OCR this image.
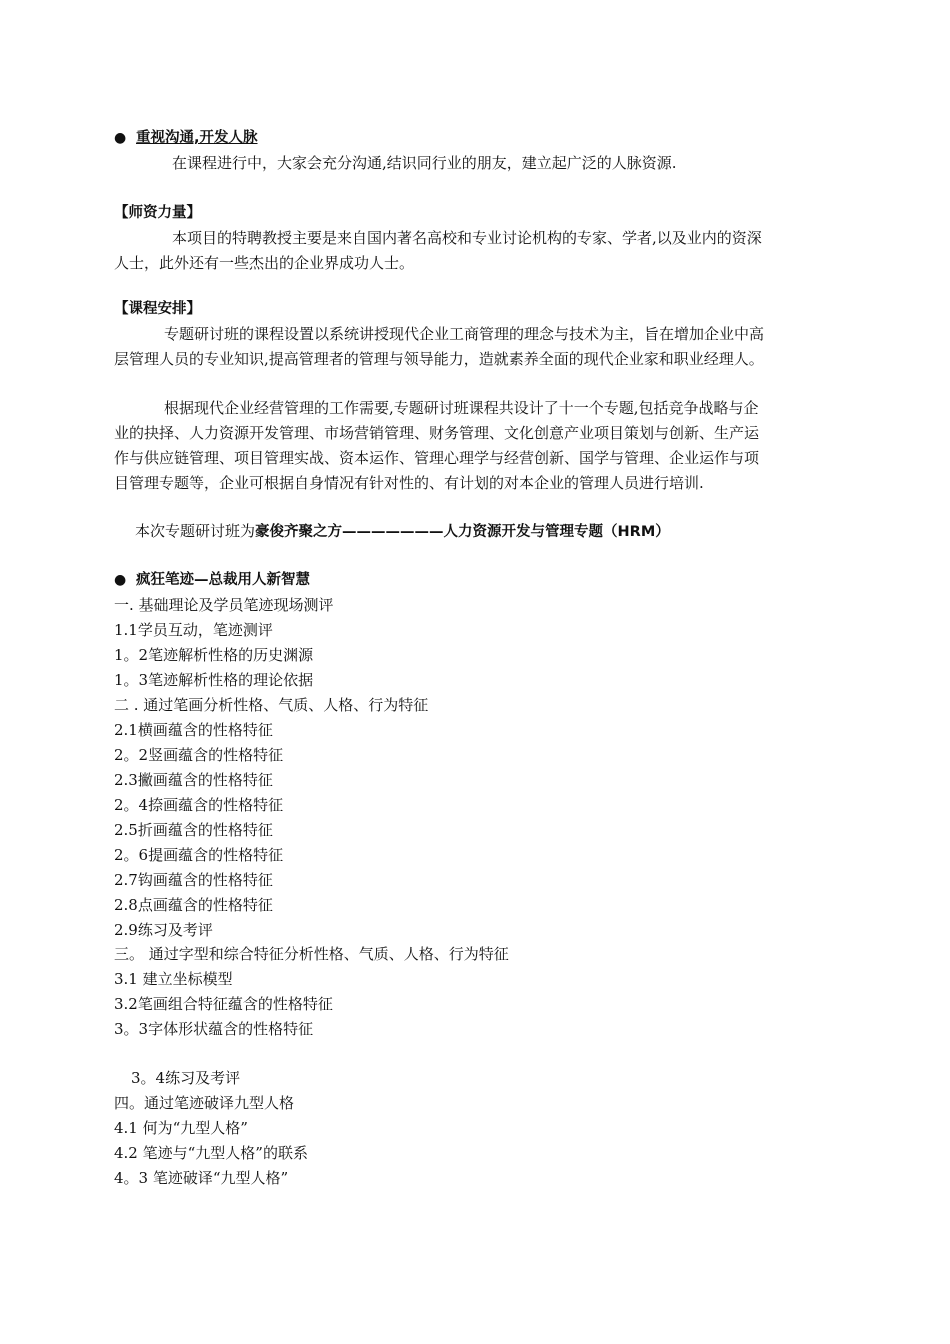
● 重视沟通,开发人脉
在课程进行中，大家会充分沟通,结识同行业的朋友，建立起广泛的人脉资源.
【师资力量】
本项目的特聘教授主要是来自国内著名高校和专业讨论机构的专家、学者,以及业内的资深
人士，此外还有一些杰出的企业界成功人士。
【课程安排】
专题研讨班的课程设置以系统讲授现代企业工商管理的理念与技术为主，旨在增加企业中高
层管理人员的专业知识,提高管理者的管理与领导能力，造就素养全面的现代企业家和职业经理人。
根据现代企业经营管理的工作需要,专题研讨班课程共设计了十一个专题,包括竞争战略与企
业的抉择、人力资源开发管理、市场营销管理、财务管理、文化创意产业项目策划与创新、生产运
作与供应链管理、项目管理实战、资本运作、管理心理学与经营创新、国学与管理、企业运作与项
目管理专题等，企业可根据自身情况有针对性的、有计划的对本企业的管理人员进行培训.
本次专题研讨班为豪俊齐聚之方———————人力资源开发与管理专题（HRM）
● 疯狂笔迹—总裁用人新智慧
一. 基础理论及学员笔迹现场测评
1.1学员互动，笔迹测评
1。2笔迹解析性格的历史渊源
1。3笔迹解析性格的理论依据
二 . 通过笔画分析性格、气质、人格、行为特征
2.1横画蕴含的性格特征
2。2竖画蕴含的性格特征
2.3撇画蕴含的性格特征
2。4捺画蕴含的性格特征
2.5折画蕴含的性格特征
2。6提画蕴含的性格特征
2.7钩画蕴含的性格特征
2.8点画蕴含的性格特征
2.9练习及考评
三。 通过字型和综合特征分析性格、气质、人格、行为特征
3.1 建立坐标模型
3.2笔画组合特征蕴含的性格特征
3。3字体形状蕴含的性格特征
3。4练习及考评
四。通过笔迹破译九型人格
4.1 何为“九型人格”
4.2 笔迹与“九型人格”的联系
4。3 笔迹破译“九型人格”
